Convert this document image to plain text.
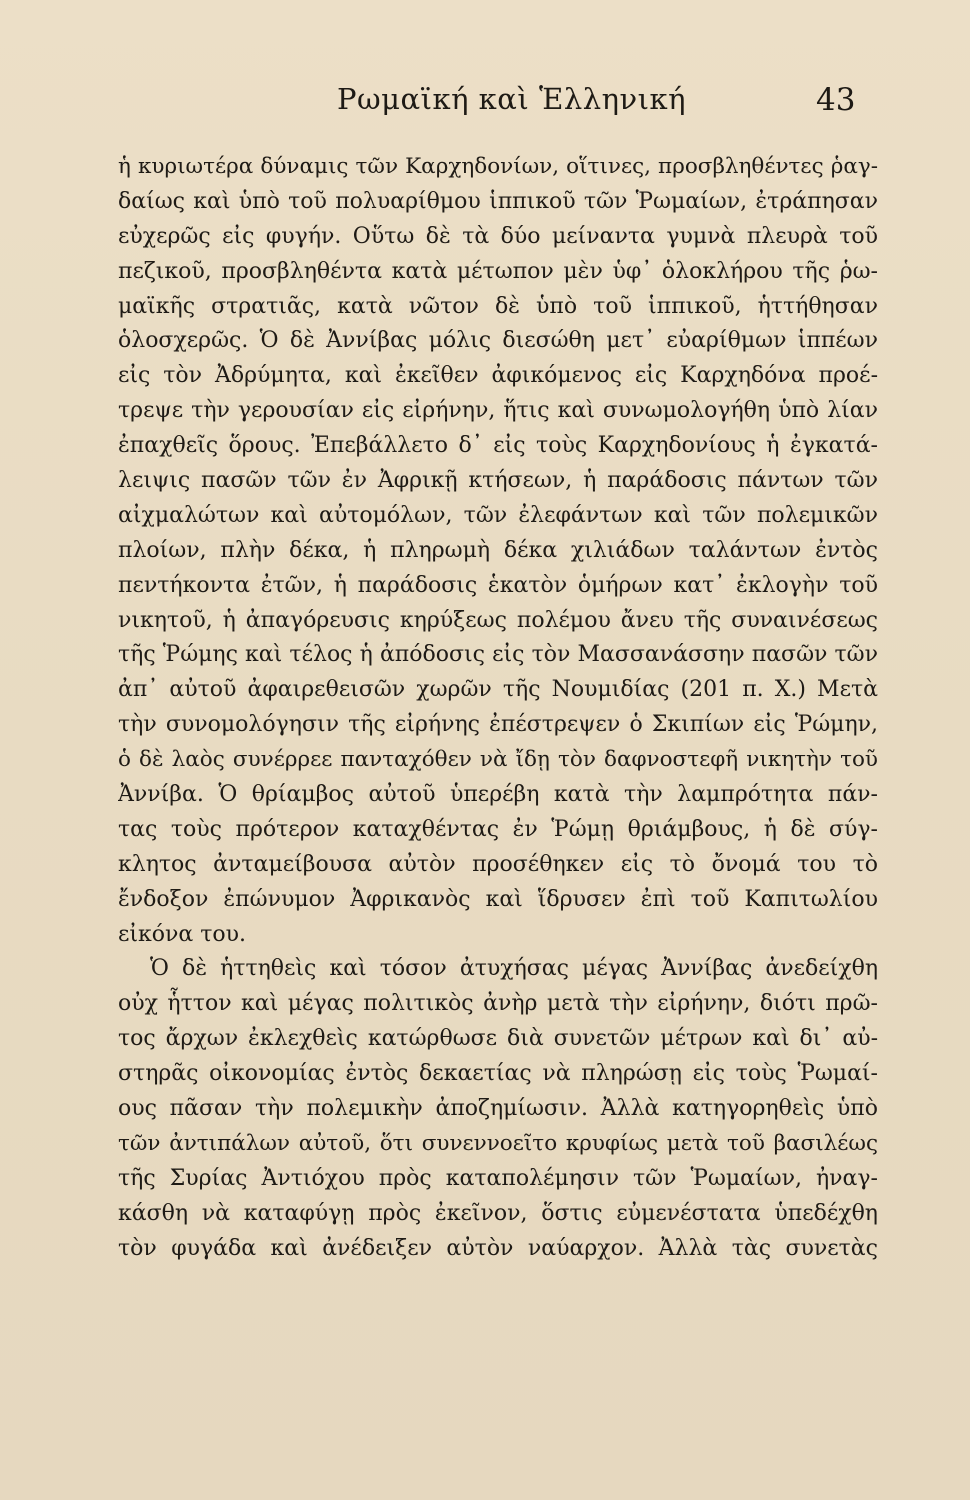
Ρωμαϊκή καὶ Ἑλληνική	43
ἡ κυριωτέρα δύναμις τῶν Καρχηδονίων, οἵτινες, προσβληθέντες ῥαγ-
δαίως καὶ ὑπὸ τοῦ πολυαρίθμου ἱππικοῦ τῶν Ῥωμαίων, ἐτράπησαν
εὐχερῶς εἰς φυγήν. Οὕτω δὲ τὰ δύο μείναντα γυμνὰ πλευρὰ τοῦ
πεζικοῦ, προσβληθέντα κατὰ μέτωπον μὲν ὑφ᾽ ὁλοκλήρου τῆς ῥω-
μαϊκῆς στρατιᾶς, κατὰ νῶτον δὲ ὑπὸ τοῦ ἱππικοῦ, ἡττήθησαν
ὁλοσχερῶς. Ὁ δὲ Ἀννίβας μόλις διεσώθη μετ᾽ εὐαρίθμων ἱππέων
εἰς τὸν Ἀδρύμητα, καὶ ἐκεῖθεν ἀφικόμενος εἰς Καρχηδόνα προέ-
τρεψε τὴν γερουσίαν εἰς εἰρήνην, ἥτις καὶ συνωμολογήθη ὑπὸ λίαν
ἐπαχθεῖς ὅρους. Ἐπεβάλλετο δ᾽ εἰς τοὺς Καρχηδονίους ἡ ἐγκατά-
λειψις πασῶν τῶν ἐν Ἀφρικῇ κτήσεων, ἡ παράδοσις πάντων τῶν
αἰχμαλώτων καὶ αὐτομόλων, τῶν ἐλεφάντων καὶ τῶν πολεμικῶν
πλοίων, πλὴν δέκα, ἡ πληρωμὴ δέκα χιλιάδων ταλάντων ἐντὸς
πεντήκοντα ἐτῶν, ἡ παράδοσις ἑκατὸν ὁμήρων κατ᾽ ἐκλογὴν τοῦ
νικητοῦ, ἡ ἀπαγόρευσις κηρύξεως πολέμου ἄνευ τῆς συναινέσεως
τῆς Ῥώμης καὶ τέλος ἡ ἀπόδοσις εἰς τὸν Μασσανάσσην πασῶν τῶν
ἀπ᾽ αὐτοῦ ἀφαιρεθεισῶν χωρῶν τῆς Νουμιδίας (201 π. Χ.) Μετὰ
τὴν συνομολόγησιν τῆς εἰρήνης ἐπέστρεψεν ὁ Σκιπίων εἰς Ῥώμην,
ὁ δὲ λαὸς συνέρρεε πανταχόθεν νὰ ἴδῃ τὸν δαφνοστεφῆ νικητὴν τοῦ
Ἀννίβα. Ὁ θρίαμβος αὐτοῦ ὑπερέβη κατὰ τὴν λαμπρότητα πάν-
τας τοὺς πρότερον καταχθέντας ἐν Ῥώμῃ θριάμβους, ἡ δὲ σύγ-
κλητος ἀνταμείβουσα αὐτὸν προσέθηκεν εἰς τὸ ὄνομά του τὸ
ἔνδοξον ἐπώνυμον Ἀφρικανὸς καὶ ἵδρυσεν ἐπὶ τοῦ Καπιτωλίου
εἰκόνα του.
Ὁ δὲ ἡττηθεὶς καὶ τόσον ἀτυχήσας μέγας Ἀννίβας ἀνεδείχθη
οὐχ ἧττον καὶ μέγας πολιτικὸς ἀνὴρ μετὰ τὴν εἰρήνην, διότι πρῶ-
τος ἄρχων ἐκλεχθεὶς κατώρθωσε διὰ συνετῶν μέτρων καὶ δι᾽ αὐ-
στηρᾶς οἰκονομίας ἐντὸς δεκαετίας νὰ πληρώσῃ εἰς τοὺς Ῥωμαί-
ους πᾶσαν τὴν πολεμικὴν ἀποζημίωσιν. Ἀλλὰ κατηγορηθεὶς ὑπὸ
τῶν ἀντιπάλων αὐτοῦ, ὅτι συνεννοεῖτο κρυφίως μετὰ τοῦ βασιλέως
τῆς Συρίας Ἀντιόχου πρὸς καταπολέμησιν τῶν Ῥωμαίων, ἠναγ-
κάσθη νὰ καταφύγῃ πρὸς ἐκεῖνον, ὅστις εὐμενέστατα ὑπεδέχθη
τὸν φυγάδα καὶ ἀνέδειξεν αὐτὸν ναύαρχον. Ἀλλὰ τὰς συνετὰς
